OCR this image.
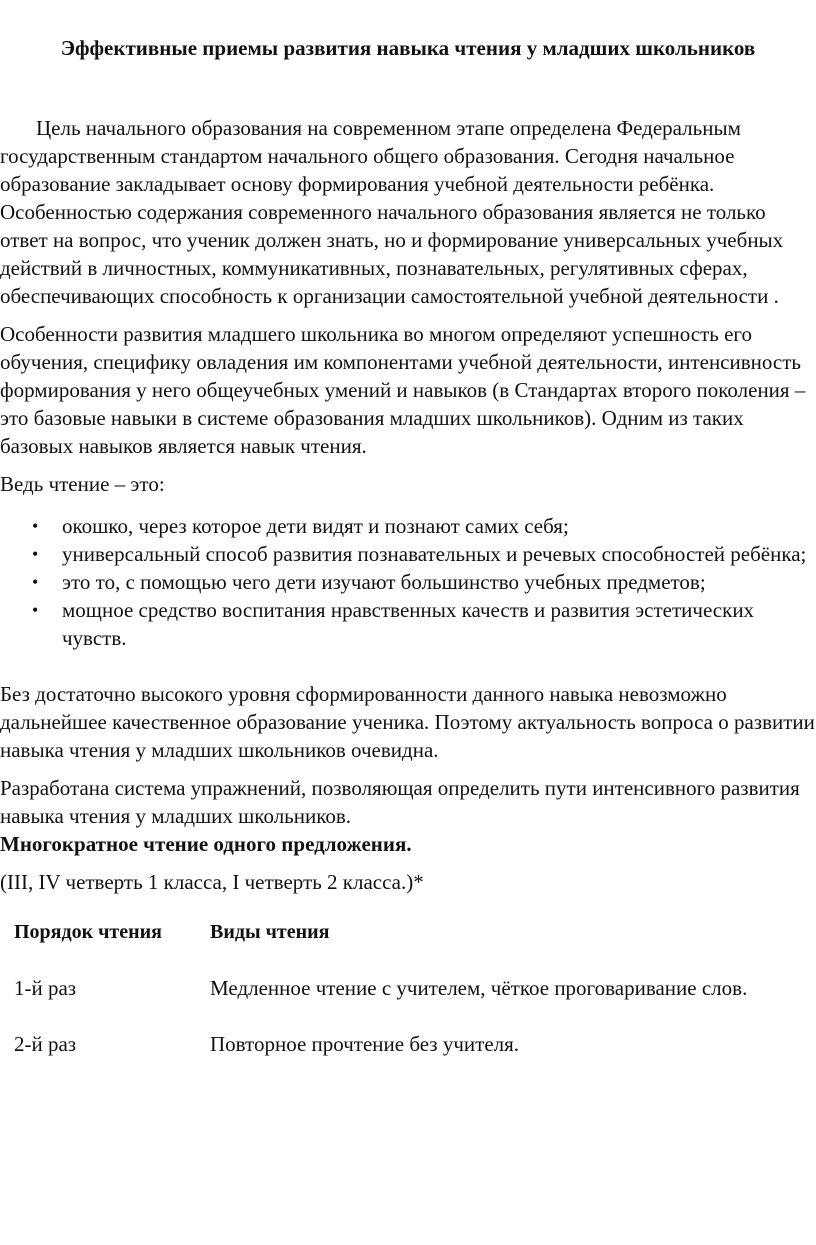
Эффективные приемы развития навыка чтения у младших школьников

Цель начального образования на современном этапе определена Федеральным государственным стандартом начального общего образования. Сегодня начальное образование закладывает основу формирования учебной деятельности ребёнка. Особенностью содержания современного начального образования является не только ответ на вопрос, что ученик должен знать, но и формирование универсальных учебных действий в личностных, коммуникативных, познавательных, регулятивных сферах, обеспечивающих способность к организации самостоятельной учебной деятельности .

Особенности развития младшего школьника во многом определяют успешность его обучения, специфику овладения им компонентами учебной деятельности, интенсивность формирования у него общеучебных умений и навыков (в Стандартах второго поколения – это базовые навыки в системе образования младших школьников). Одним из таких базовых навыков является навык чтения.

Ведь чтение – это:

• окошко, через которое дети видят и познают самих себя;
• универсальный способ развития познавательных и речевых способностей ребёнка;
• это то, с помощью чего дети изучают большинство учебных предметов;
• мощное средство воспитания нравственных качеств и развития эстетических чувств.

Без достаточно высокого уровня сформированности данного навыка невозможно дальнейшее качественное образование ученика. Поэтому актуальность вопроса о развитии навыка чтения у младших школьников очевидна.

Разработана система упражнений, позволяющая определить пути интенсивного развития навыка чтения у младших школьников.

Многократное чтение одного предложения.

(III, IV четверть 1 класса, I четверть 2 класса.)*

Порядок чтения	Виды чтения
1-й раз	Медленное чтение с учителем, чёткое проговаривание слов.
2-й раз	Повторное прочтение без учителя.
